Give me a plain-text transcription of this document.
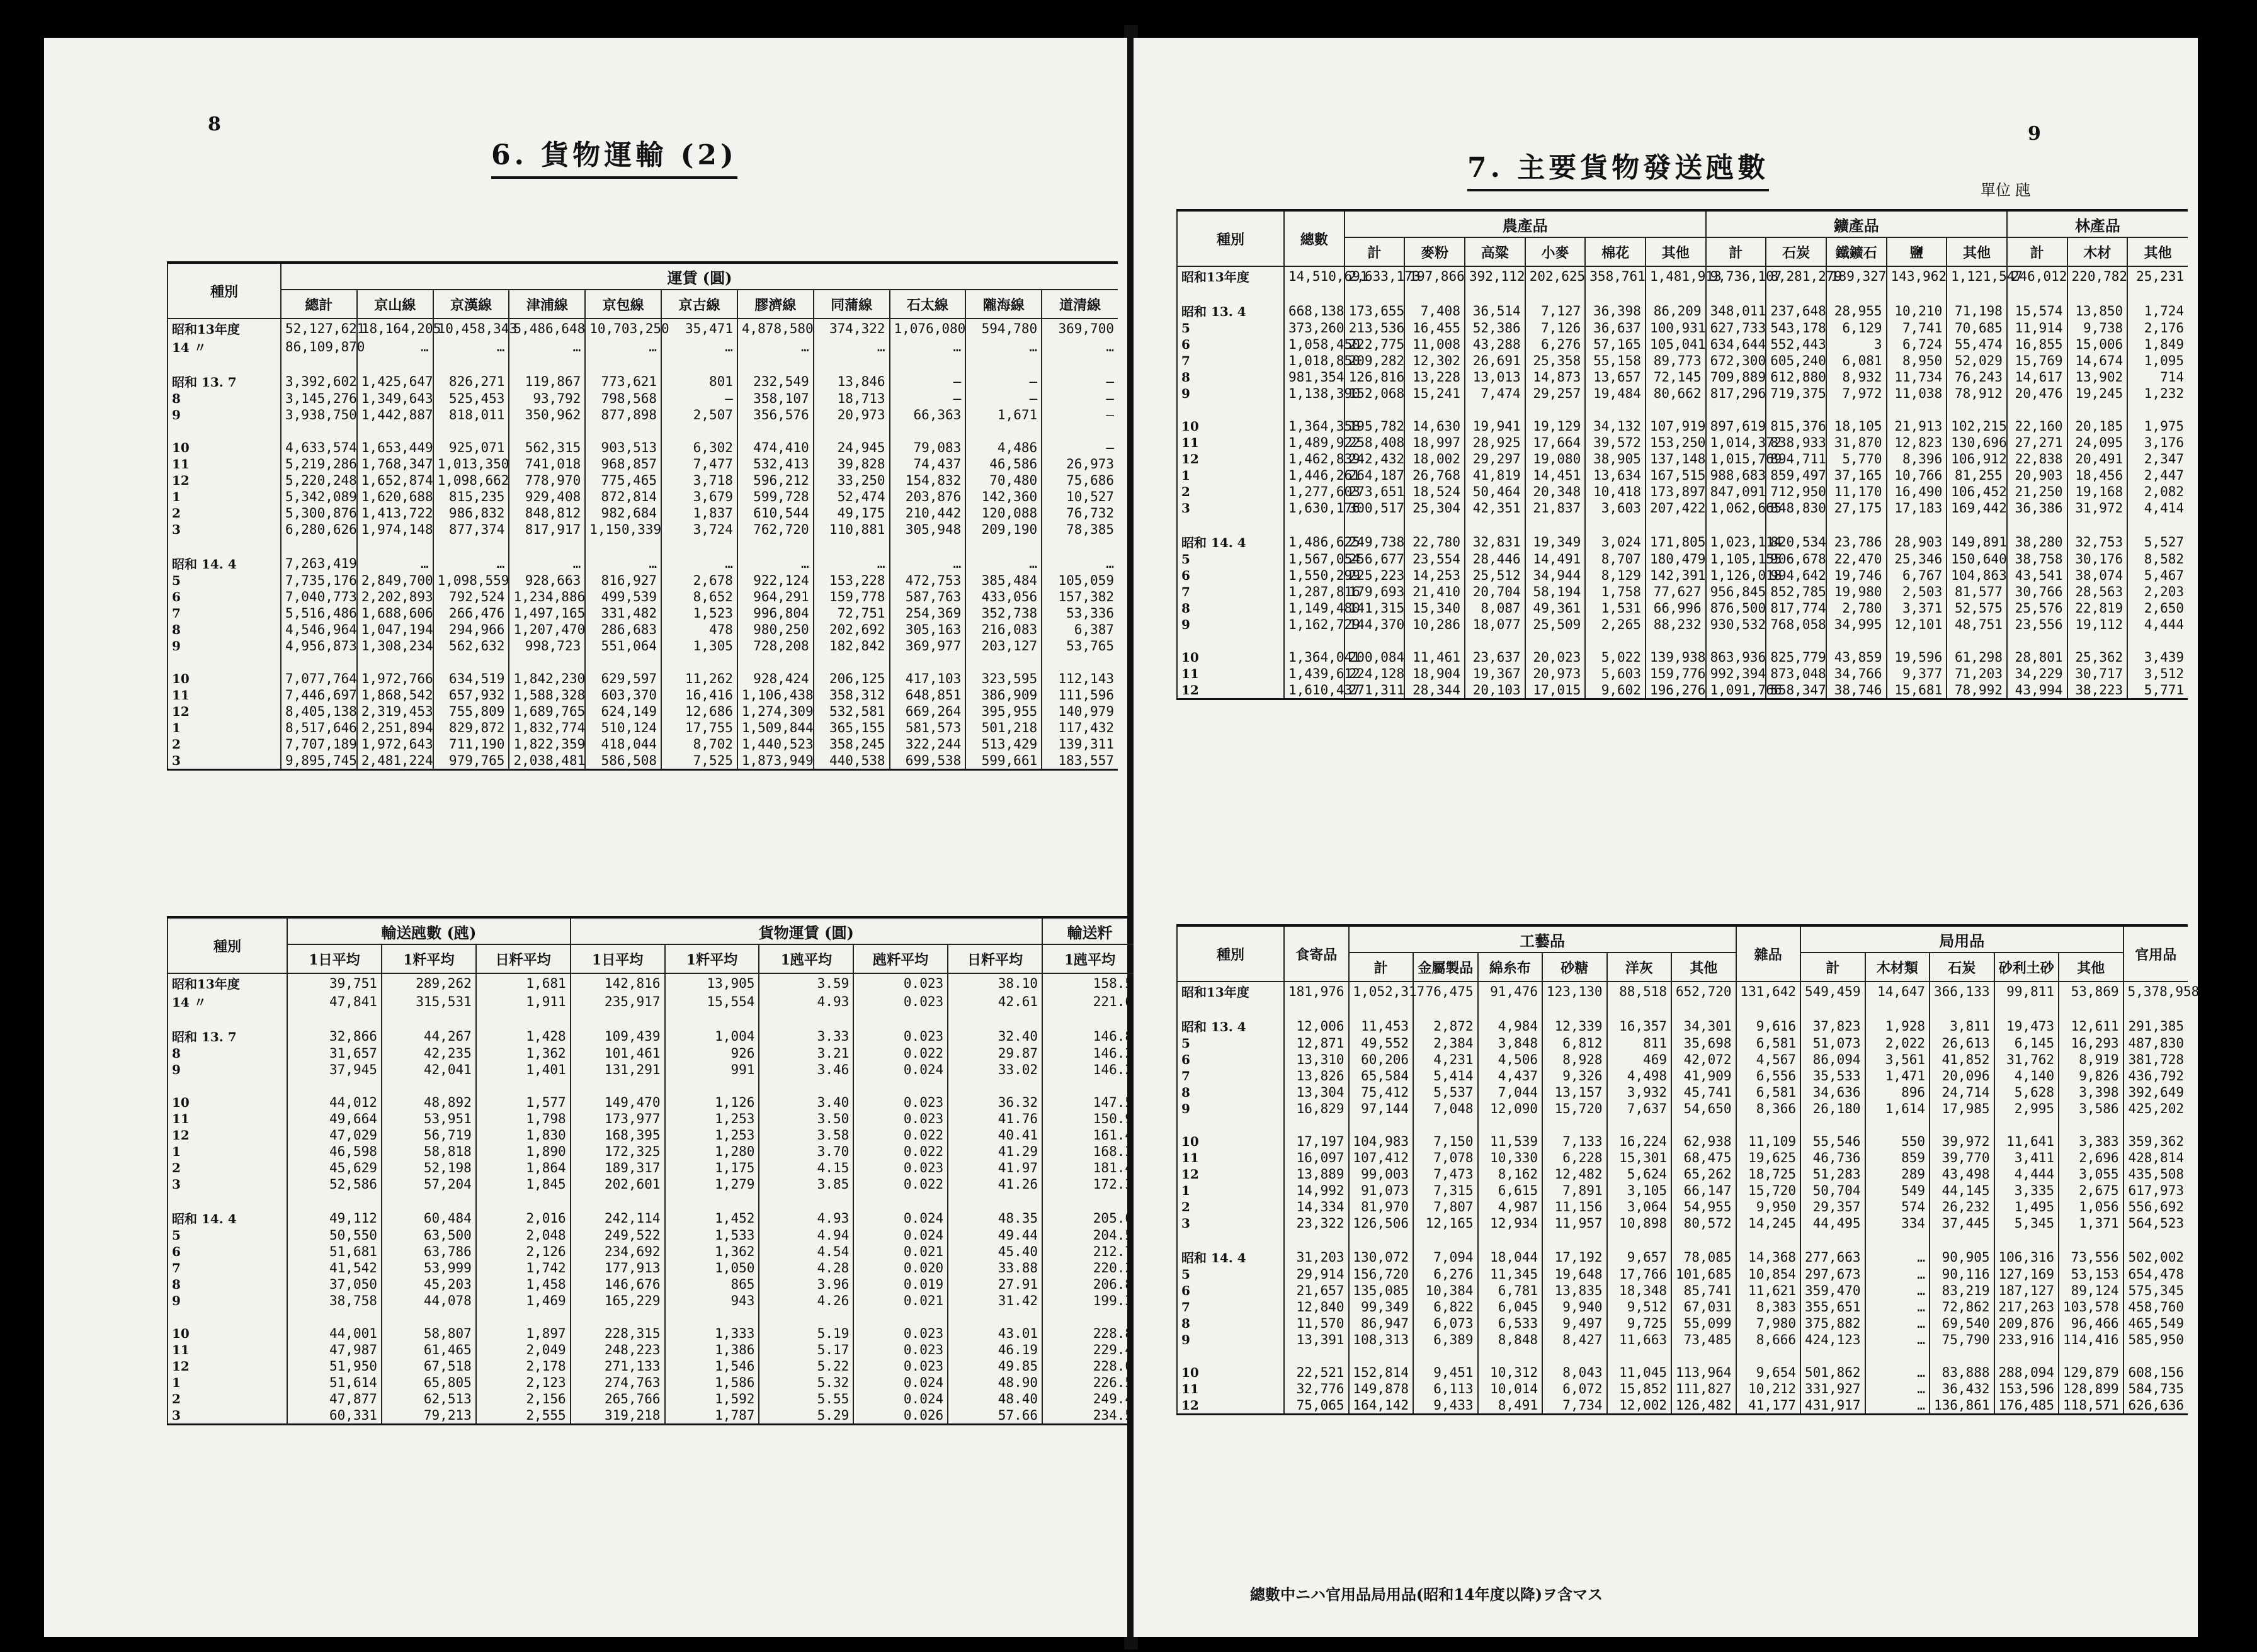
8
6. 貨物運輸 (2)
種別	運賃 (圓)										
	總計	京山線	京漢線	津浦線	京包線	京古線	膠濟線	同蒲線	石太線	隴海線	道清線
昭和13年度	52,127,621	18,164,205	10,458,343	5,486,648	10,703,250	35,471	4,878,580	374,322	1,076,080	594,780	369,700
14 〃	86,109,870	…	…	…	…	…	…	…	…	…	…
昭和 13. 7	3,392,602	1,425,647	826,271	119,867	773,621	801	232,549	13,846	—	—	—
8	3,145,276	1,349,643	525,453	93,792	798,568	—	358,107	18,713	—	—	—
9	3,938,750	1,442,887	818,011	350,962	877,898	2,507	356,576	20,973	66,363	1,671	—
10	4,633,574	1,653,449	925,071	562,315	903,513	6,302	474,410	24,945	79,083	4,486	—
11	5,219,286	1,768,347	1,013,350	741,018	968,857	7,477	532,413	39,828	74,437	46,586	26,973
12	5,220,248	1,652,874	1,098,662	778,970	775,465	3,718	596,212	33,250	154,832	70,480	75,686
1	5,342,089	1,620,688	815,235	929,408	872,814	3,679	599,728	52,474	203,876	142,360	10,527
2	5,300,876	1,413,722	986,832	848,812	982,684	1,837	610,544	49,175	210,442	120,088	76,732
3	6,280,626	1,974,148	877,374	817,917	1,150,339	3,724	762,720	110,881	305,948	209,190	78,385
昭和 14. 4	7,263,419	…	…	…	…	…	…	…	…	…	…
5	7,735,176	2,849,700	1,098,559	928,663	816,927	2,678	922,124	153,228	472,753	385,484	105,059
6	7,040,773	2,202,893	792,524	1,234,886	499,539	8,652	964,291	159,778	587,763	433,056	157,382
7	5,516,486	1,688,606	266,476	1,497,165	331,482	1,523	996,804	72,751	254,369	352,738	53,336
8	4,546,964	1,047,194	294,966	1,207,470	286,683	478	980,250	202,692	305,163	216,083	6,387
9	4,956,873	1,308,234	562,632	998,723	551,064	1,305	728,208	182,842	369,977	203,127	53,765
10	7,077,764	1,972,766	634,519	1,842,230	629,597	11,262	928,424	206,125	417,103	323,595	112,143
11	7,446,697	1,868,542	657,932	1,588,328	603,370	16,416	1,106,438	358,312	648,851	386,909	111,596
12	8,405,138	2,319,453	755,809	1,689,765	624,149	12,686	1,274,309	532,581	669,264	395,955	140,979
1	8,517,646	2,251,894	829,872	1,832,774	510,124	17,755	1,509,844	365,155	581,573	501,218	117,432
2	7,707,189	1,972,643	711,190	1,822,359	418,044	8,702	1,440,523	358,245	322,244	513,429	139,311
3	9,895,745	2,481,224	979,765	2,038,481	586,508	7,525	1,873,949	440,538	699,538	599,661	183,557
種別	輸送瓲數 (瓲)			貨物運賃 (圓)					輸送粁
	1日平均	1粁平均	日粁平均	1日平均	1粁平均	1瓲平均	瓲粁平均	日粁平均	1瓲平均
昭和13年度	39,751	289,262	1,681	142,816	13,905	3.59	0.023	38.10	158.5
14 〃	47,841	315,531	1,911	235,917	15,554	4.93	0.023	42.61	221.6
昭和 13. 7	32,866	44,267	1,428	109,439	1,004	3.33	0.023	32.40	146.8
8	31,657	42,235	1,362	101,461	926	3.21	0.022	29.87	146.2
9	37,945	42,041	1,401	131,291	991	3.46	0.024	33.02	146.2
10	44,012	48,892	1,577	149,470	1,126	3.40	0.023	36.32	147.5
11	49,664	53,951	1,798	173,977	1,253	3.50	0.023	41.76	150.9
12	47,029	56,719	1,830	168,395	1,253	3.58	0.022	40.41	161.4
1	46,598	58,818	1,890	172,325	1,280	3.70	0.022	41.29	168.3
2	45,629	52,198	1,864	189,317	1,175	4.15	0.023	41.97	181.4
3	52,586	57,204	1,845	202,601	1,279	3.85	0.022	41.26	172.3
昭和 14. 4	49,112	60,484	2,016	242,114	1,452	4.93	0.024	48.35	205.0
5	50,550	63,500	2,048	249,522	1,533	4.94	0.024	49.44	204.5
6	51,681	63,786	2,126	234,692	1,362	4.54	0.021	45.40	212.7
7	41,542	53,999	1,742	177,913	1,050	4.28	0.020	33.88	220.2
8	37,050	45,203	1,458	146,676	865	3.96	0.019	27.91	206.8
9	38,758	44,078	1,469	165,229	943	4.26	0.021	31.42	199.3
10	44,001	58,807	1,897	228,315	1,333	5.19	0.023	43.01	228.8
11	47,987	61,465	2,049	248,223	1,386	5.17	0.023	46.19	229.4
12	51,950	67,518	2,178	271,133	1,546	5.22	0.023	49.85	228.0
1	51,614	65,805	2,123	274,763	1,586	5.32	0.024	48.90	226.5
2	47,877	62,513	2,156	265,766	1,592	5.55	0.024	48.40	249.4
3	60,331	79,213	2,555	319,218	1,787	5.29	0.026	57.66	234.5
9
7. 主要貨物發送瓲數
單位 瓲
種別	總數	農產品						鑛產品					林產品		
		計	麥粉	高粱	小麥	棉花	其他	計	石炭	鐵鑛石	鹽	其他	計	木材	其他
昭和13年度	14,510,691	2,633,173	197,866	392,112	202,625	358,761	1,481,913	9,736,107	8,281,279	189,327	143,962	1,121,547	246,012	220,782	25,231
昭和 13. 4	668,138	173,655	7,408	36,514	7,127	36,398	86,209	348,011	237,648	28,955	10,210	71,198	15,574	13,850	1,724
5	373,260	213,536	16,455	52,386	7,126	36,637	100,931	627,733	543,178	6,129	7,741	70,685	11,914	9,738	2,176
6	1,058,450	222,775	11,008	43,288	6,276	57,165	105,041	634,644	552,443	3	6,724	55,474	16,855	15,006	1,849
7	1,018,850	209,282	12,302	26,691	25,358	55,158	89,773	672,300	605,240	6,081	8,950	52,029	15,769	14,674	1,095
8	981,354	126,816	13,228	13,013	14,873	13,657	72,145	709,889	612,880	8,932	11,734	76,243	14,617	13,902	714
9	1,138,390	152,068	15,241	7,474	29,257	19,484	80,662	817,296	719,375	7,972	11,038	78,912	20,476	19,245	1,232
10	1,364,358	195,782	14,630	19,941	19,129	34,132	107,919	897,619	815,376	18,105	21,913	102,215	22,160	20,185	1,975
11	1,489,922	258,408	18,997	28,925	17,664	39,572	153,250	1,014,372	838,933	31,870	12,823	130,696	27,271	24,095	3,176
12	1,462,839	242,432	18,002	29,297	19,080	38,905	137,148	1,015,769	894,711	5,770	8,396	106,912	22,838	20,491	2,347
1	1,446,261	264,187	26,768	41,819	14,451	13,634	167,515	988,683	859,497	37,165	10,766	81,255	20,903	18,456	2,447
2	1,277,603	273,651	18,524	50,464	20,348	10,418	173,897	847,091	712,950	11,170	16,490	106,452	21,250	19,168	2,082
3	1,630,176	300,517	25,304	42,351	21,837	3,603	207,422	1,062,665	848,830	27,175	17,183	169,442	36,386	31,972	4,414
昭和 14. 4	1,486,625	249,738	22,780	32,831	19,349	3,024	171,805	1,023,114	820,534	23,786	28,903	149,891	38,280	32,753	5,527
5	1,567,054	256,677	23,554	28,446	14,491	8,707	180,479	1,105,155	906,678	22,470	25,346	150,640	38,758	30,176	8,582
6	1,550,299	225,223	14,253	25,512	34,944	8,129	142,391	1,126,018	994,642	19,746	6,767	104,863	43,541	38,074	5,467
7	1,287,816	179,693	21,410	20,704	58,194	1,758	77,627	956,845	852,785	19,980	2,503	81,577	30,766	28,563	2,203
8	1,149,480	141,315	15,340	8,087	49,361	1,531	66,996	876,500	817,774	2,780	3,371	52,575	25,576	22,819	2,650
9	1,162,729	144,370	10,286	18,077	25,509	2,265	88,232	930,532	768,058	34,995	12,101	48,751	23,556	19,112	4,444
10	1,364,041	200,084	11,461	23,637	20,023	5,022	139,938	863,936	825,779	43,859	19,596	61,298	28,801	25,362	3,439
11	1,439,612	224,128	18,904	19,367	20,973	5,603	159,776	992,394	873,048	34,766	9,377	71,203	34,229	30,717	3,512
12	1,610,437	271,311	28,344	20,103	17,015	9,602	196,276	1,091,766	558,347	38,746	15,681	78,992	43,994	38,223	5,771
種別	食寄品	工藝品						雜品	局用品					官用品
		計	金屬製品	綿糸布	砂糖	洋灰	其他		計	木材類	石炭	砂利土砂	其他	
昭和13年度	181,976	1,052,317	76,475	91,476	123,130	88,518	652,720	131,642	549,459	14,647	366,133	99,811	53,869	5,378,958
昭和 13. 4	12,006	11,453	2,872	4,984	12,339	16,357	34,301	9,616	37,823	1,928	3,811	19,473	12,611	291,385
5	12,871	49,552	2,384	3,848	6,812	811	35,698	6,581	51,073	2,022	26,613	6,145	16,293	487,830
6	13,310	60,206	4,231	4,506	8,928	469	42,072	4,567	86,094	3,561	41,852	31,762	8,919	381,728
7	13,826	65,584	5,414	4,437	9,326	4,498	41,909	6,556	35,533	1,471	20,096	4,140	9,826	436,792
8	13,304	75,412	5,537	7,044	13,157	3,932	45,741	6,581	34,636	896	24,714	5,628	3,398	392,649
9	16,829	97,144	7,048	12,090	15,720	7,637	54,650	8,366	26,180	1,614	17,985	2,995	3,586	425,202
10	17,197	104,983	7,150	11,539	7,133	16,224	62,938	11,109	55,546	550	39,972	11,641	3,383	359,362
11	16,097	107,412	7,078	10,330	6,228	15,301	68,475	19,625	46,736	859	39,770	3,411	2,696	428,814
12	13,889	99,003	7,473	8,162	12,482	5,624	65,262	18,725	51,283	289	43,498	4,444	3,055	435,508
1	14,992	91,073	7,315	6,615	7,891	3,105	66,147	15,720	50,704	549	44,145	3,335	2,675	617,973
2	14,334	81,970	7,807	4,987	11,156	3,064	54,955	9,950	29,357	574	26,232	1,495	1,056	556,692
3	23,322	126,506	12,165	12,934	11,957	10,898	80,572	14,245	44,495	334	37,445	5,345	1,371	564,523
昭和 14. 4	31,203	130,072	7,094	18,044	17,192	9,657	78,085	14,368	277,663	…	90,905	106,316	73,556	502,002
5	29,914	156,720	6,276	11,345	19,648	17,766	101,685	10,854	297,673	…	90,116	127,169	53,153	654,478
6	21,657	135,085	10,384	6,781	13,835	18,348	85,741	11,621	359,470	…	83,219	187,127	89,124	575,345
7	12,840	99,349	6,822	6,045	9,940	9,512	67,031	8,383	355,651	…	72,862	217,263	103,578	458,760
8	11,570	86,947	6,073	6,533	9,497	9,725	55,099	7,980	375,882	…	69,540	209,876	96,466	465,549
9	13,391	108,313	6,389	8,848	8,427	11,663	73,485	8,666	424,123	…	75,790	233,916	114,416	585,950
10	22,521	152,814	9,451	10,312	8,043	11,045	113,964	9,654	501,862	…	83,888	288,094	129,879	608,156
11	32,776	149,878	6,113	10,014	6,072	15,852	111,827	10,212	331,927	…	36,432	153,596	128,899	584,735
12	75,065	164,142	9,433	8,491	7,734	12,002	126,482	41,177	431,917	…	136,861	176,485	118,571	626,636
總數中ニハ官用品局用品(昭和14年度以降)ヲ含マス
